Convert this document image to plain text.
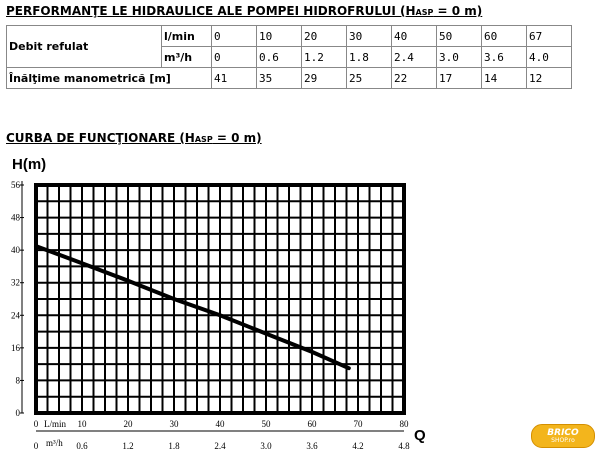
PERFORMANŢE LE HIDRAULICE ALE POMPEI HIDROFRULUI (HASP = 0 m)
Debit refulat	l/min	0	10	20	30	40	50	60	67
	m³/h	0	0.6	1.2	1.8	2.4	3.0	3.6	4.0
Înălţime manometrică [m]		41	35	29	25	22	17	14	12
CURBA DE FUNCŢIONARE (HASP = 0 m)
H(m)
Q
0
8
16
24
32
40
48
56
0	10	20	30	40	50	60	70	80
L/min
0	0.6	1.2	1.8	2.4	3.0	3.6	4.2	4.8
m³/h
BRICO
SHOP.ro
